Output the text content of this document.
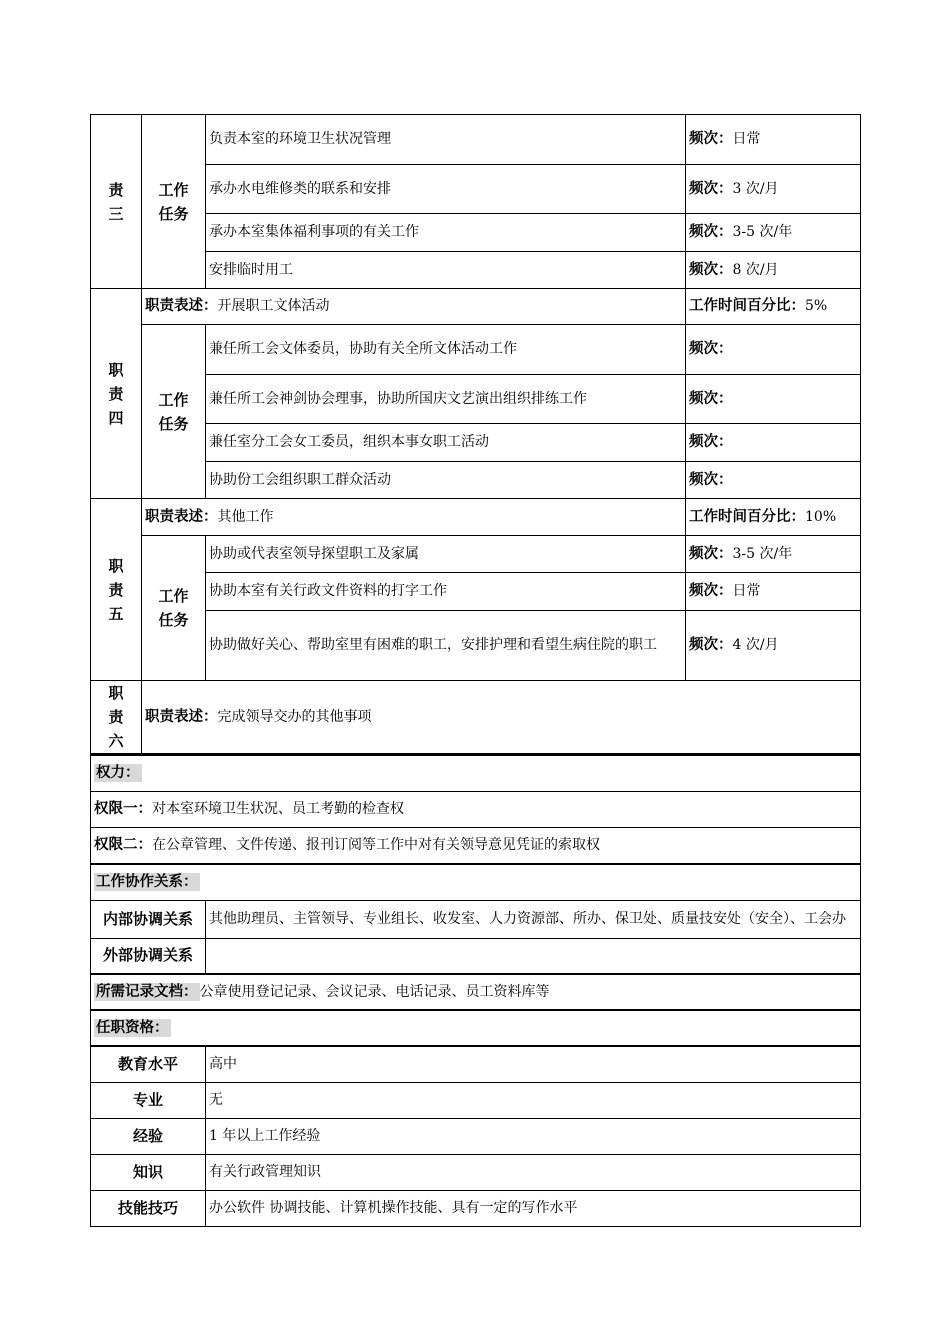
责
三	工作
任务	负责本室的环境卫生状况管理	频次：日常
		承办水电维修类的联系和安排	频次：3 次/月
		承办本室集体福利事项的有关工作	频次：3-5 次/年
		安排临时用工	频次：8 次/月
职
责
四	职责表述：开展职工文体活动		工作时间百分比：5%
	工作
任务	兼任所工会文体委员，协助有关全所文体活动工作	频次：
		兼任所工会神剑协会理事，协助所国庆文艺演出组织排练工作	频次：
		兼任室分工会女工委员，组织本事女职工活动	频次：
		协助份工会组织职工群众活动	频次：
职
责
五	职责表述：其他工作		工作时间百分比：10%
	工作
任务	协助或代表室领导探望职工及家属	频次：3-5 次/年
		协助本室有关行政文件资料的打字工作	频次：日常
		协助做好关心、帮助室里有困难的职工，安排护理和看望生病住院的职工	频次：4 次/月
职
责
六	职责表述：完成领导交办的其他事项		
权力：	
权限一：对本室环境卫生状况、员工考勤的检查权	
权限二：在公章管理、文件传递、报刊订阅等工作中对有关领导意见凭证的索取权	
工作协作关系：	
内部协调关系	其他助理员、主管领导、专业组长、收发室、人力资源部、所办、保卫处、质量技安处（安全）、工会办
外部协调关系	
所需记录文档： 公章使用登记记录、会议记录、电话记录、员工资料库等	
任职资格：	
教育水平	高中
专业	无
经验	1 年以上工作经验
知识	有关行政管理知识
技能技巧	办公软件 协调技能、计算机操作技能、具有一定的写作水平
